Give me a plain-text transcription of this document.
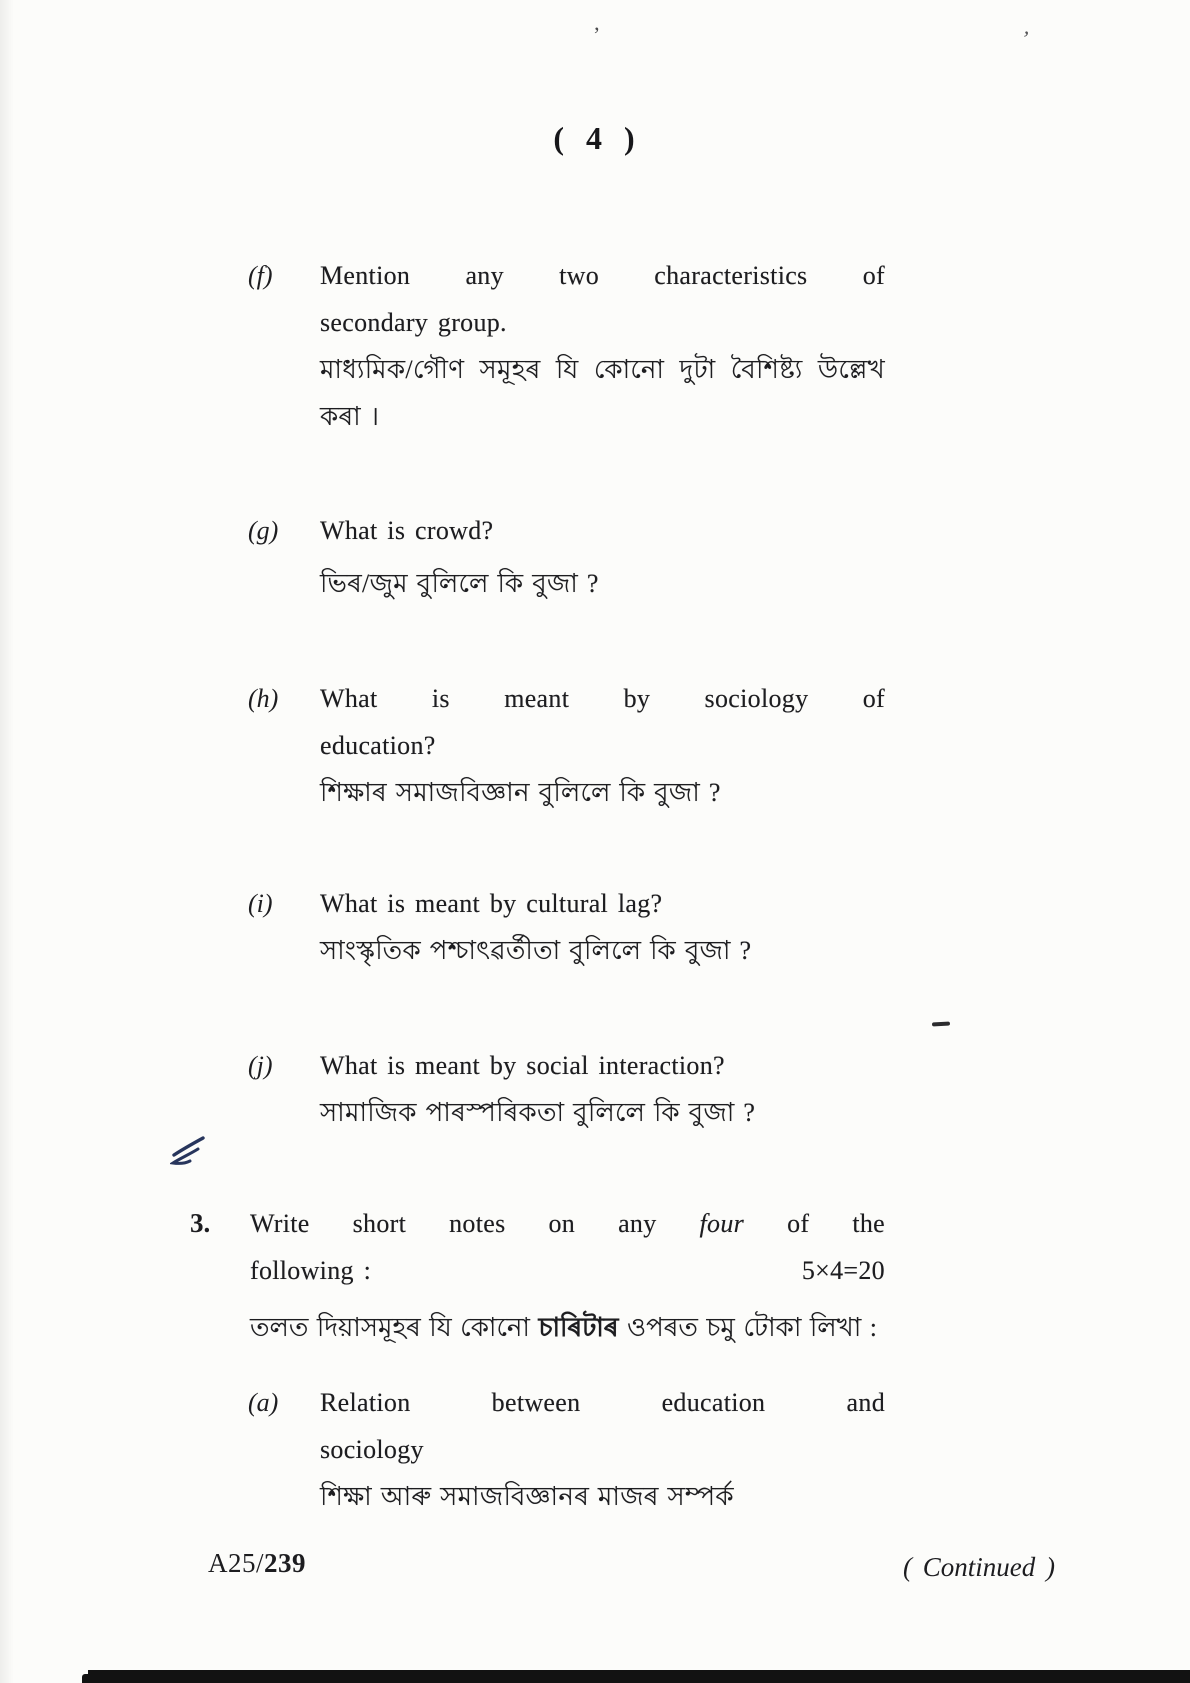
( 4 )
’	’
(f)	Mention any two characteristics of
secondary group.
মাধ্যমিক/গৌণ সমূহৰ যি কোনো দুটা বৈশিষ্ট্য উল্লেখ
কৰা ।
(g)	What is crowd?
ভিৰ/জুম বুলিলে কি বুজা ?
(h)	What is meant by sociology of
education?
শিক্ষাৰ সমাজবিজ্ঞান বুলিলে কি বুজা ?
(i)	What is meant by cultural lag?
সাংস্কৃতিক পশ্চাৎৱৰ্তীতা বুলিলে কি বুজা ?
(j)	What is meant by social interaction?
সামাজিক পাৰস্পৰিকতা বুলিলে কি বুজা ?
3.	Write short notes on any four of the
following :	5×4=20
তলত দিয়াসমূহৰ যি কোনো চাৰিটাৰ ওপৰত চমু টোকা লিখা :
(a)	Relation between education and
sociology
শিক্ষা আৰু সমাজবিজ্ঞানৰ মাজৰ সম্পৰ্ক
A25/239	( Continued )
